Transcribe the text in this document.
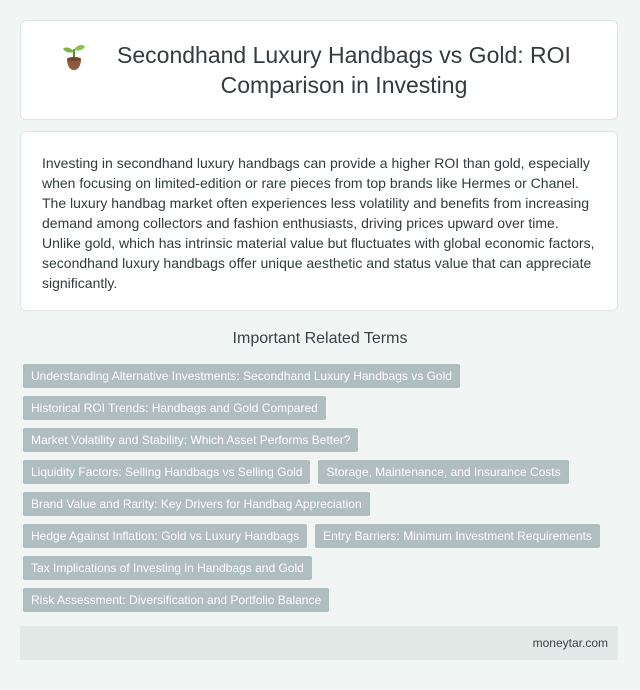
Secondhand Luxury Handbags vs Gold: ROI Comparison in Investing

Investing in secondhand luxury handbags can provide a higher ROI than gold, especially when focusing on limited-edition or rare pieces from top brands like Hermes or Chanel. The luxury handbag market often experiences less volatility and benefits from increasing demand among collectors and fashion enthusiasts, driving prices upward over time. Unlike gold, which has intrinsic material value but fluctuates with global economic factors, secondhand luxury handbags offer unique aesthetic and status value that can appreciate significantly.

Important Related Terms
Understanding Alternative Investments: Secondhand Luxury Handbags vs Gold
Historical ROI Trends: Handbags and Gold Compared
Market Volatility and Stability: Which Asset Performs Better?
Liquidity Factors: Selling Handbags vs Selling Gold	Storage, Maintenance, and Insurance Costs
Brand Value and Rarity: Key Drivers for Handbag Appreciation
Hedge Against Inflation: Gold vs Luxury Handbags	Entry Barriers: Minimum Investment Requirements
Tax Implications of Investing in Handbags and Gold
Risk Assessment: Diversification and Portfolio Balance
moneytar.com
